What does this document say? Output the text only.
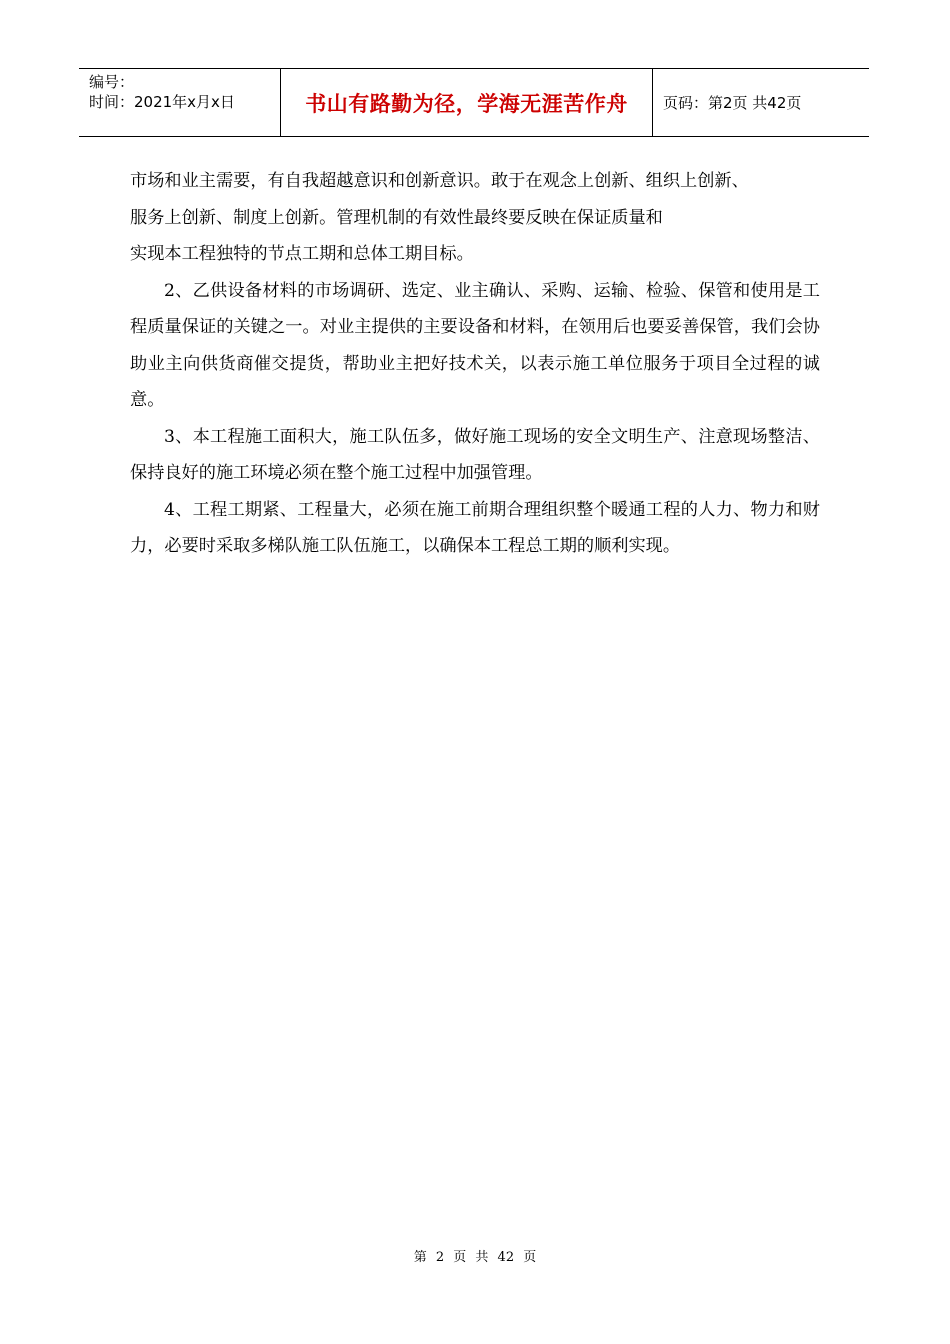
编号：
时间：2021年x月x日	书山有路勤为径，学海无涯苦作舟	页码：第2页 共42页

市场和业主需要，有自我超越意识和创新意识。敢于在观念上创新、组织上创新、

服务上创新、制度上创新。管理机制的有效性最终要反映在保证质量和

实现本工程独特的节点工期和总体工期目标。

2、乙供设备材料的市场调研、选定、业主确认、采购、运输、检验、保管和使用是工程质量保证的关键之一。对业主提供的主要设备和材料，在领用后也要妥善保管，我们会协助业主向供货商催交提货，帮助业主把好技术关，以表示施工单位服务于项目全过程的诚意。

3、本工程施工面积大，施工队伍多，做好施工现场的安全文明生产、注意现场整洁、保持良好的施工环境必须在整个施工过程中加强管理。

4、工程工期紧、工程量大，必须在施工前期合理组织整个暖通工程的人力、物力和财力，必要时采取多梯队施工队伍施工，以确保本工程总工期的顺利实现。

第 2 页 共 42 页
